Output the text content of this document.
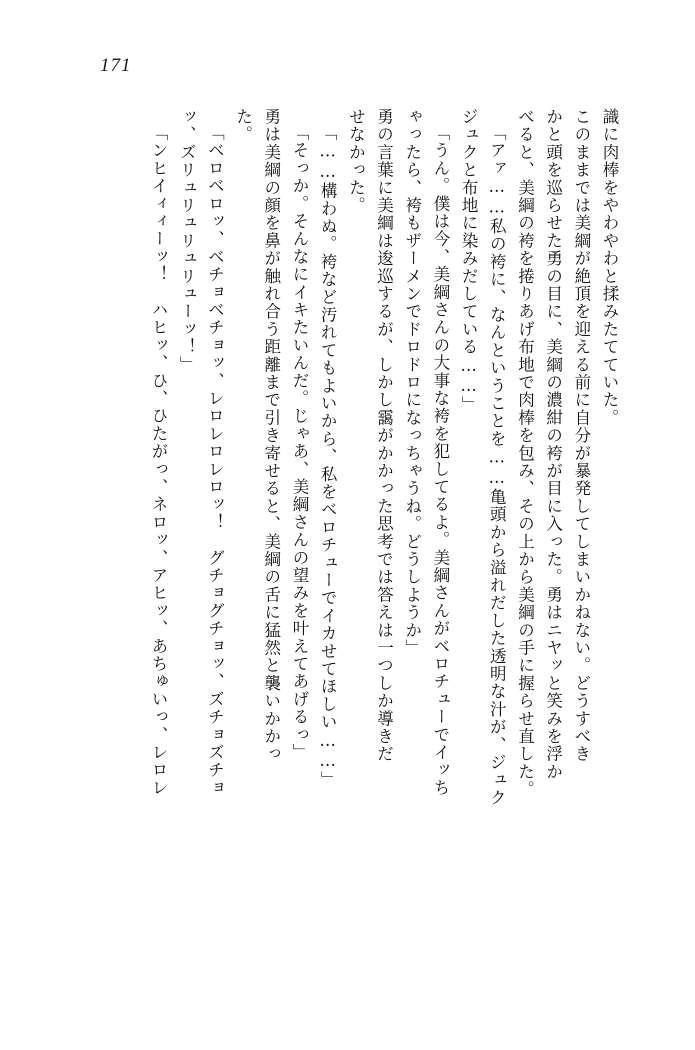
171
識に肉棒をやわやわと揉みたてていた。
このままでは美綱が絶頂を迎える前に自分が暴発してしまいかねない。どうすべき
かと頭を巡らせた勇の目に、美綱の濃紺の袴が目に入った。勇はニヤッと笑みを浮か
べると、美綱の袴を捲りあげ布地で肉棒を包み、その上から美綱の手に握らせ直した。
「アァ……私の袴に、なんということを……亀頭から溢れだした透明な汁が、ジュク
ジュクと布地に染みだしている……」
「うん。僕は今、美綱さんの大事な袴を犯してるよ。美綱さんがベロチューでイッち
ゃったら、袴もザーメンでドロドロになっちゃうね。どうしようか」
勇の言葉に美綱は逡巡するが、しかし靄がかかった思考では答えは一つしか導きだ
せなかった。
「……構わぬ。袴など汚れてもよいから、私をベロチューでイカせてほしい……」
「そっか。そんなにイキたいんだ。じゃあ、美綱さんの望みを叶えてあげるっ」
勇は美綱の顔を鼻が触れ合う距離まで引き寄せると、美綱の舌に猛然と襲いかかっ
た。
「ベロベロッ、ベチョベチョッ、レロレロレロッ！　グチョグチョッ、ズチョズチョ
ッ、ズリュリュリュリューッ！」
「ンヒイィィーッ！　ハヒッ、ひ、ひたがっ、ネロッ、アヒッ、あちゅいっ、レロレ
